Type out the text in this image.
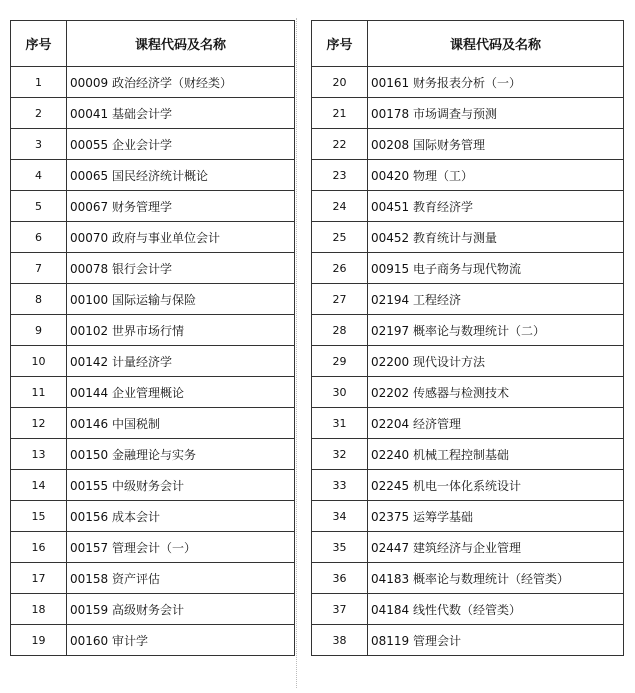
序号	课程代码及名称
1	00009 政治经济学（财经类）
2	00041 基础会计学
3	00055 企业会计学
4	00065 国民经济统计概论
5	00067 财务管理学
6	00070 政府与事业单位会计
7	00078 银行会计学
8	00100 国际运输与保险
9	00102 世界市场行情
10	00142 计量经济学
11	00144 企业管理概论
12	00146 中国税制
13	00150 金融理论与实务
14	00155 中级财务会计
15	00156 成本会计
16	00157 管理会计（一）
17	00158 资产评估
18	00159 高级财务会计
19	00160 审计学
序号	课程代码及名称
20	00161 财务报表分析（一）
21	00178 市场调查与预测
22	00208 国际财务管理
23	00420 物理（工）
24	00451 教育经济学
25	00452 教育统计与测量
26	00915 电子商务与现代物流
27	02194 工程经济
28	02197 概率论与数理统计（二）
29	02200 现代设计方法
30	02202 传感器与检测技术
31	02204 经济管理
32	02240 机械工程控制基础
33	02245 机电一体化系统设计
34	02375 运筹学基础
35	02447 建筑经济与企业管理
36	04183 概率论与数理统计（经管类）
37	04184 线性代数（经管类）
38	08119 管理会计
